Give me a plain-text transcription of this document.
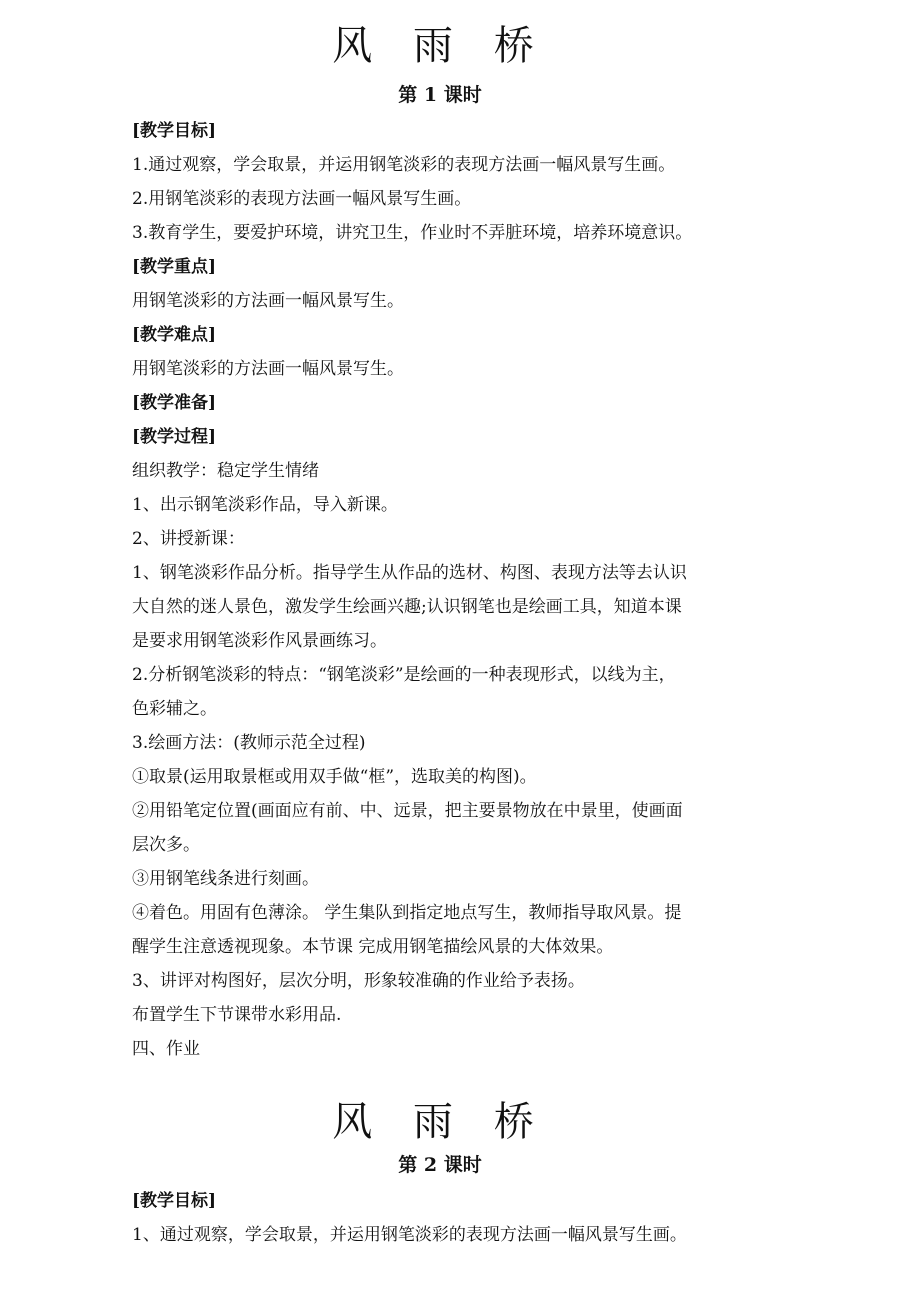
风 雨 桥
第 1 课时

[教学目标]

1.通过观察，学会取景，并运用钢笔淡彩的表现方法画一幅风景写生画。

2.用钢笔淡彩的表现方法画一幅风景写生画。

3.教育学生，要爱护环境，讲究卫生，作业时不弄脏环境，培养环境意识。

[教学重点]

用钢笔淡彩的方法画一幅风景写生。

[教学难点]

用钢笔淡彩的方法画一幅风景写生。

[教学准备]

[教学过程]

组织教学：稳定学生情绪

1、出示钢笔淡彩作品，导入新课。

2、讲授新课：

1、钢笔淡彩作品分析。指导学生从作品的选材、构图、表现方法等去认识

大自然的迷人景色，激发学生绘画兴趣;认识钢笔也是绘画工具，知道本课

是要求用钢笔淡彩作风景画练习。

2.分析钢笔淡彩的特点：“钢笔淡彩”是绘画的一种表现形式，以线为主，

色彩辅之。

3.绘画方法：(教师示范全过程)

①取景(运用取景框或用双手做“框”，选取美的构图)。

②用铅笔定位置(画面应有前、中、远景，把主要景物放在中景里，使画面

层次多。

③用钢笔线条进行刻画。

④着色。用固有色薄涂。 学生集队到指定地点写生，教师指导取风景。提

醒学生注意透视现象。本节课 完成用钢笔描绘风景的大体效果。

3、讲评对构图好，层次分明，形象较准确的作业给予表扬。

布置学生下节课带水彩用品.

四、作业

风 雨 桥
第 2 课时

[教学目标]

1、通过观察，学会取景，并运用钢笔淡彩的表现方法画一幅风景写生画。
